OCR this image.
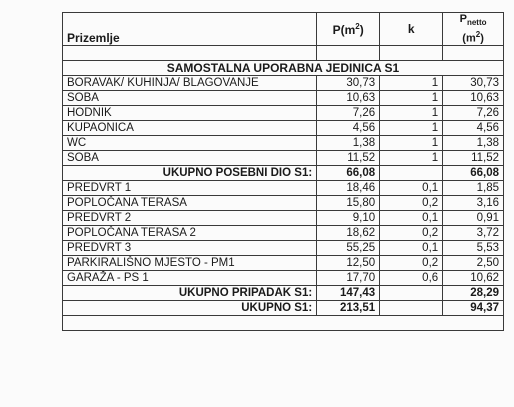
Prizemlje	$P(m^2)$	k	$P_{netto}$
$(m^2)$

SAMOSTALNA UPORABNA JEDINICA S1			
BORAVAK/ KUHINJA/ BLAGOVANJE	30,73	1	30,73
SOBA	10,63	1	10,63
HODNIK	7,26	1	7,26
KUPAONICA	4,56	1	4,56
WC	1,38	1	1,38
SOBA	11,52	1	11,52
UKUPNO POSEBNI DIO S1:	66,08		66,08
PREDVRT 1	18,46	0,1	1,85
POPLOČANA TERASA	15,80	0,2	3,16
PREDVRT 2	9,10	0,1	0,91
POPLOČANA TERASA 2	18,62	0,2	3,72
PREDVRT 3	55,25	0,1	5,53
PARKIRALIŠNO MJESTO - PM1	12,50	0,2	2,50
GARAŽA - PS 1	17,70	0,6	10,62
UKUPNO PRIPADAK S1:	147,43		28,29
UKUPNO S1:	213,51		94,37
